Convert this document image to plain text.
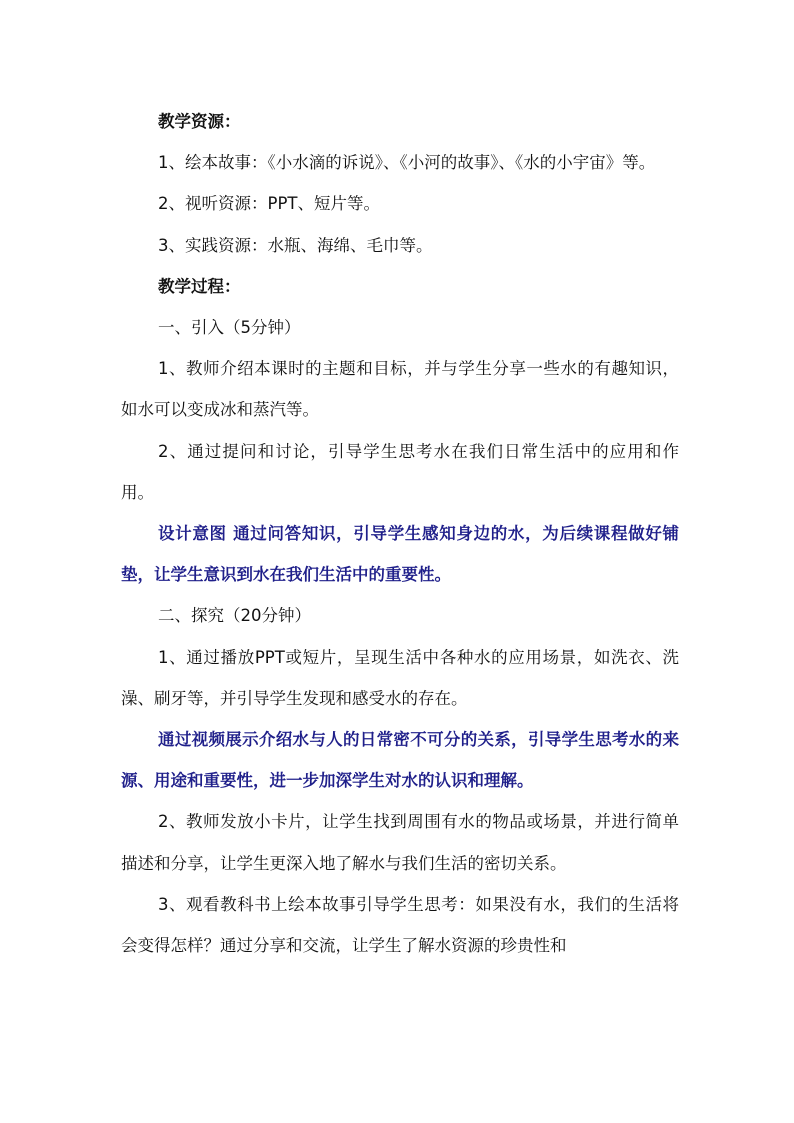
教学资源：

1、绘本故事：《小水滴的诉说》、《小河的故事》、《水的小宇宙》等。

2、视听资源：PPT、短片等。

3、实践资源：水瓶、海绵、毛巾等。

教学过程：

一、引入（5分钟）

1、教师介绍本课时的主题和目标，并与学生分享一些水的有趣知识，如水可以变成冰和蒸汽等。

2、通过提问和讨论，引导学生思考水在我们日常生活中的应用和作用。

设计意图 通过问答知识，引导学生感知身边的水，为后续课程做好铺垫，让学生意识到水在我们生活中的重要性。

二、探究（20分钟）

1、通过播放PPT或短片，呈现生活中各种水的应用场景，如洗衣、洗澡、刷牙等，并引导学生发现和感受水的存在。

通过视频展示介绍水与人的日常密不可分的关系，引导学生思考水的来源、用途和重要性，进一步加深学生对水的认识和理解。

2、教师发放小卡片，让学生找到周围有水的物品或场景，并进行简单描述和分享，让学生更深入地了解水与我们生活的密切关系。

3、观看教科书上绘本故事引导学生思考：如果没有水，我们的生活将会变得怎样？通过分享和交流，让学生了解水资源的珍贵性和
